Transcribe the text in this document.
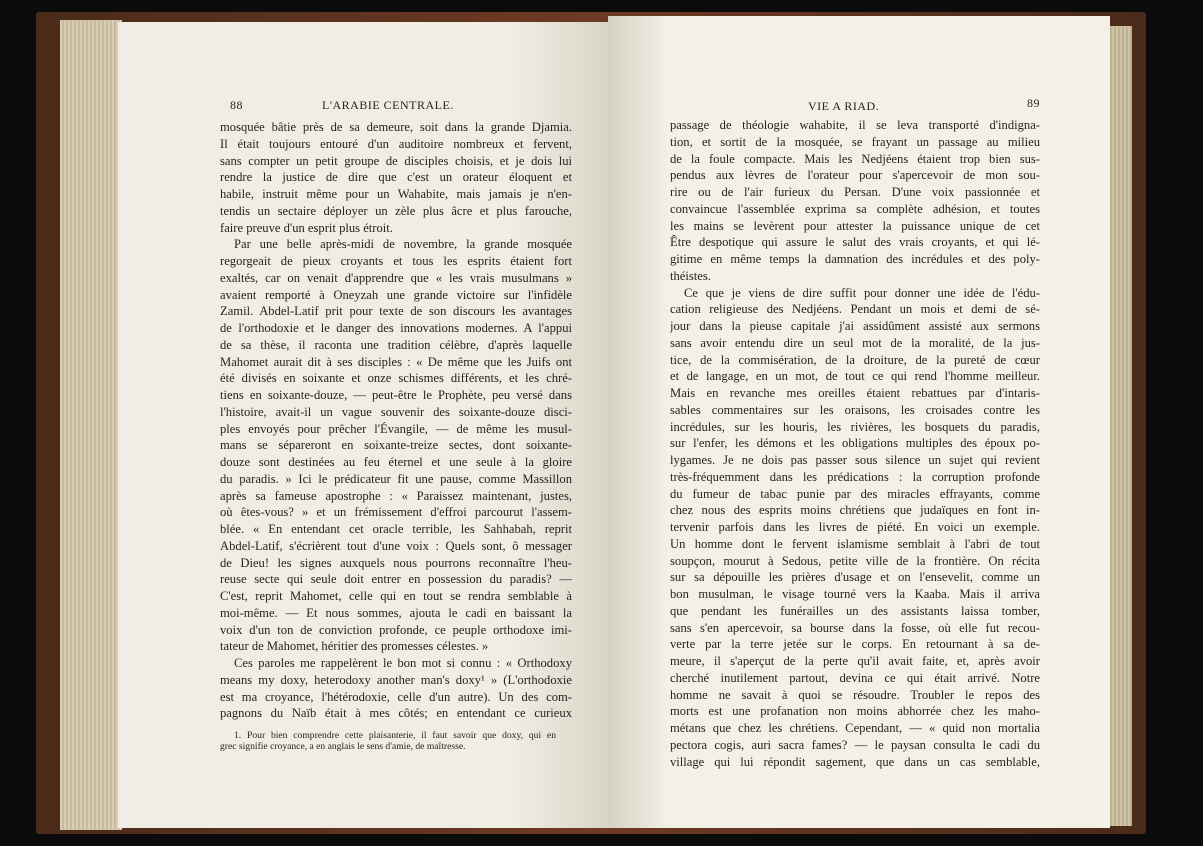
88	L'ARABIE CENTRALE.
mosquée bâtie près de sa demeure, soit dans la grande Djamia.
Il était toujours entouré d'un auditoire nombreux et fervent,
sans compter un petit groupe de disciples choisis, et je dois lui
rendre la justice de dire que c'est un orateur éloquent et
habile, instruit même pour un Wahabite, mais jamais je n'en-
tendis un sectaire déployer un zèle plus âcre et plus farouche,
faire preuve d'un esprit plus étroit.
Par une belle après-midi de novembre, la grande mosquée
regorgeait de pieux croyants et tous les esprits étaient fort
exaltés, car on venait d'apprendre que « les vrais musulmans »
avaient remporté à Oneyzah une grande victoire sur l'infidèle
Zamil. Abdel-Latif prit pour texte de son discours les avantages
de l'orthodoxie et le danger des innovations modernes. A l'appui
de sa thèse, il raconta une tradition célèbre, d'après laquelle
Mahomet aurait dit à ses disciples : « De même que les Juifs ont
été divisés en soixante et onze schismes différents, et les chré-
tiens en soixante-douze, — peut-être le Prophète, peu versé dans
l'histoire, avait-il un vague souvenir des soixante-douze disci-
ples envoyés pour prêcher l'Évangile, — de même les musul-
mans se sépareront en soixante-treize sectes, dont soixante-
douze sont destinées au feu éternel et une seule à la gloire
du paradis. » Ici le prédicateur fit une pause, comme Massillon
après sa fameuse apostrophe : « Paraissez maintenant, justes,
où êtes-vous? » et un frémissement d'effroi parcourut l'assem-
blée. « En entendant cet oracle terrible, les Sahhabah, reprit
Abdel-Latif, s'écrièrent tout d'une voix : Quels sont, ô messager
de Dieu! les signes auxquels nous pourrons reconnaître l'heu-
reuse secte qui seule doit entrer en possession du paradis? —
C'est, reprit Mahomet, celle qui en tout se rendra semblable à
moi-même. — Et nous sommes, ajouta le cadi en baissant la
voix d'un ton de conviction profonde, ce peuple orthodoxe imi-
tateur de Mahomet, héritier des promesses célestes. »
Ces paroles me rappelèrent le bon mot si connu : « Orthodoxy
means my doxy, heterodoxy another man's doxy¹ » (L'orthodoxie
est ma croyance, l'hétérodoxie, celle d'un autre). Un des com-
pagnons du Naïb était à mes côtés; en entendant ce curieux
1. Pour bien comprendre cette plaisanterie, il faut savoir que doxy, qui en
grec signifie croyance, a en anglais le sens d'amie, de maîtresse.
VIE A RIAD.	89
passage de théologie wahabite, il se leva transporté d'indigna-
tion, et sortit de la mosquée, se frayant un passage au milieu
de la foule compacte. Mais les Nedjéens étaient trop bien sus-
pendus aux lèvres de l'orateur pour s'apercevoir de mon sou-
rire ou de l'air furieux du Persan. D'une voix passionnée et
convaincue l'assemblée exprima sa complète adhésion, et toutes
les mains se levèrent pour attester la puissance unique de cet
Être despotique qui assure le salut des vrais croyants, et qui lé-
gitime en même temps la damnation des incrédules et des poly-
théistes.
Ce que je viens de dire suffit pour donner une idée de l'édu-
cation religieuse des Nedjéens. Pendant un mois et demi de sé-
jour dans la pieuse capitale j'ai assidûment assisté aux sermons
sans avoir entendu dire un seul mot de la moralité, de la jus-
tice, de la commisération, de la droiture, de la pureté de cœur
et de langage, en un mot, de tout ce qui rend l'homme meilleur.
Mais en revanche mes oreilles étaient rebattues par d'intaris-
sables commentaires sur les oraisons, les croisades contre les
incrédules, sur les houris, les rivières, les bosquets du paradis,
sur l'enfer, les démons et les obligations multiples des époux po-
lygames. Je ne dois pas passer sous silence un sujet qui revient
très-fréquemment dans les prédications : la corruption profonde
du fumeur de tabac punie par des miracles effrayants, comme
chez nous des esprits moins chrétiens que judaïques en font in-
tervenir parfois dans les livres de piété. En voici un exemple.
Un homme dont le fervent islamisme semblait à l'abri de tout
soupçon, mourut à Sedous, petite ville de la frontière. On récita
sur sa dépouille les prières d'usage et on l'ensevelit, comme un
bon musulman, le visage tourné vers la Kaaba. Mais il arriva
que pendant les funérailles un des assistants laissa tomber,
sans s'en apercevoir, sa bourse dans la fosse, où elle fut recou-
verte par la terre jetée sur le corps. En retournant à sa de-
meure, il s'aperçut de la perte qu'il avait faite, et, après avoir
cherché inutilement partout, devina ce qui était arrivé. Notre
homme ne savait à quoi se résoudre. Troubler le repos des
morts est une profanation non moins abhorrée chez les maho-
métans que chez les chrétiens. Cependant, — « quid non mortalia
pectora cogis, auri sacra fames? — le paysan consulta le cadi du
village qui lui répondit sagement, que dans un cas semblable,
